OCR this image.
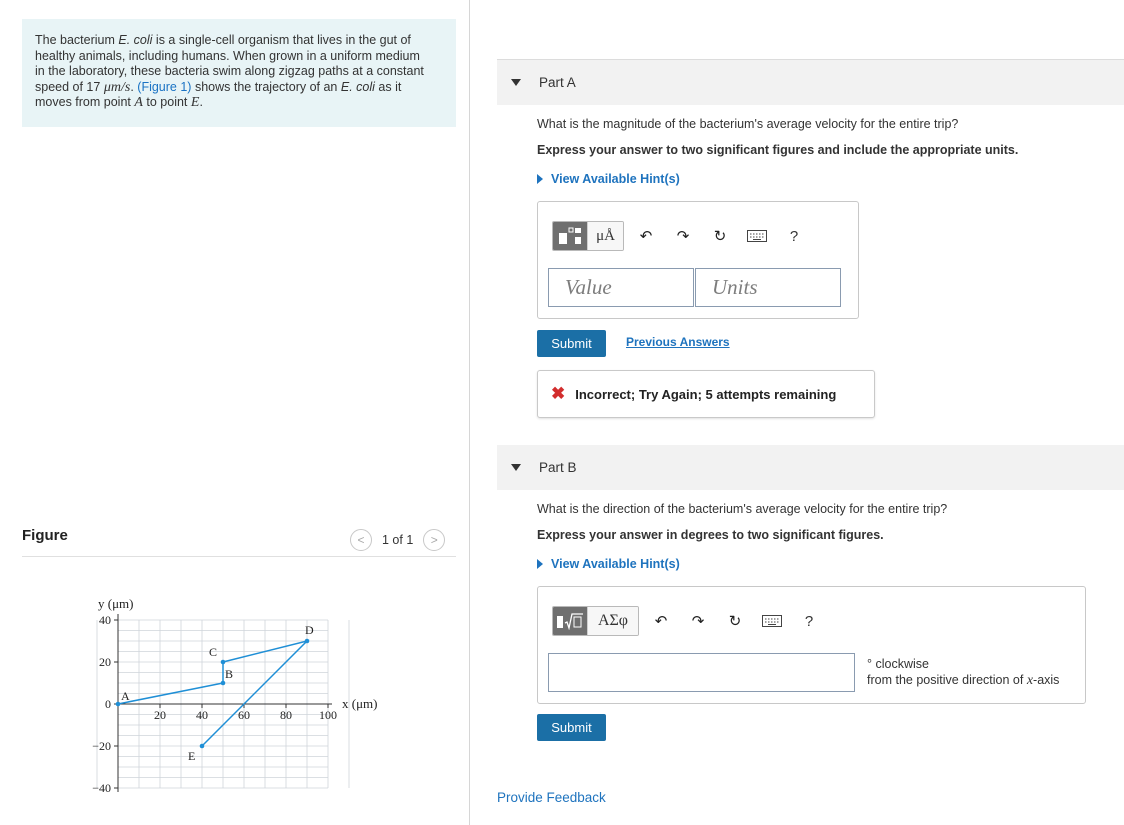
The bacterium E. coli is a single-cell organism that lives in the gut of
healthy animals, including humans. When grown in a uniform medium
in the laboratory, these bacteria swim along zigzag paths at a constant
speed of 17 μm/s. (Figure 1) shows the trajectory of an E. coli as it
moves from point A to point E.
Figure	< 1 of 1 >
y (μm)
x (μm)
40
20
0
−20
−40
20	40	60	80 100
A
B
C
D
E
Part A
What is the magnitude of the bacterium's average velocity for the entire trip?
Express your answer to two significant figures and include the appropriate units.
View Available Hint(s)
μÅ	↶	↷	↻	?
Value	Units
Submit	Previous Answers
✖ Incorrect; Try Again; 5 attempts remaining
Part B
What is the direction of the bacterium's average velocity for the entire trip?
Express your answer in degrees to two significant figures.
View Available Hint(s)
ΑΣφ	↶	↷	↻	?
° clockwise
from the positive direction of x-axis
Submit
Provide Feedback
